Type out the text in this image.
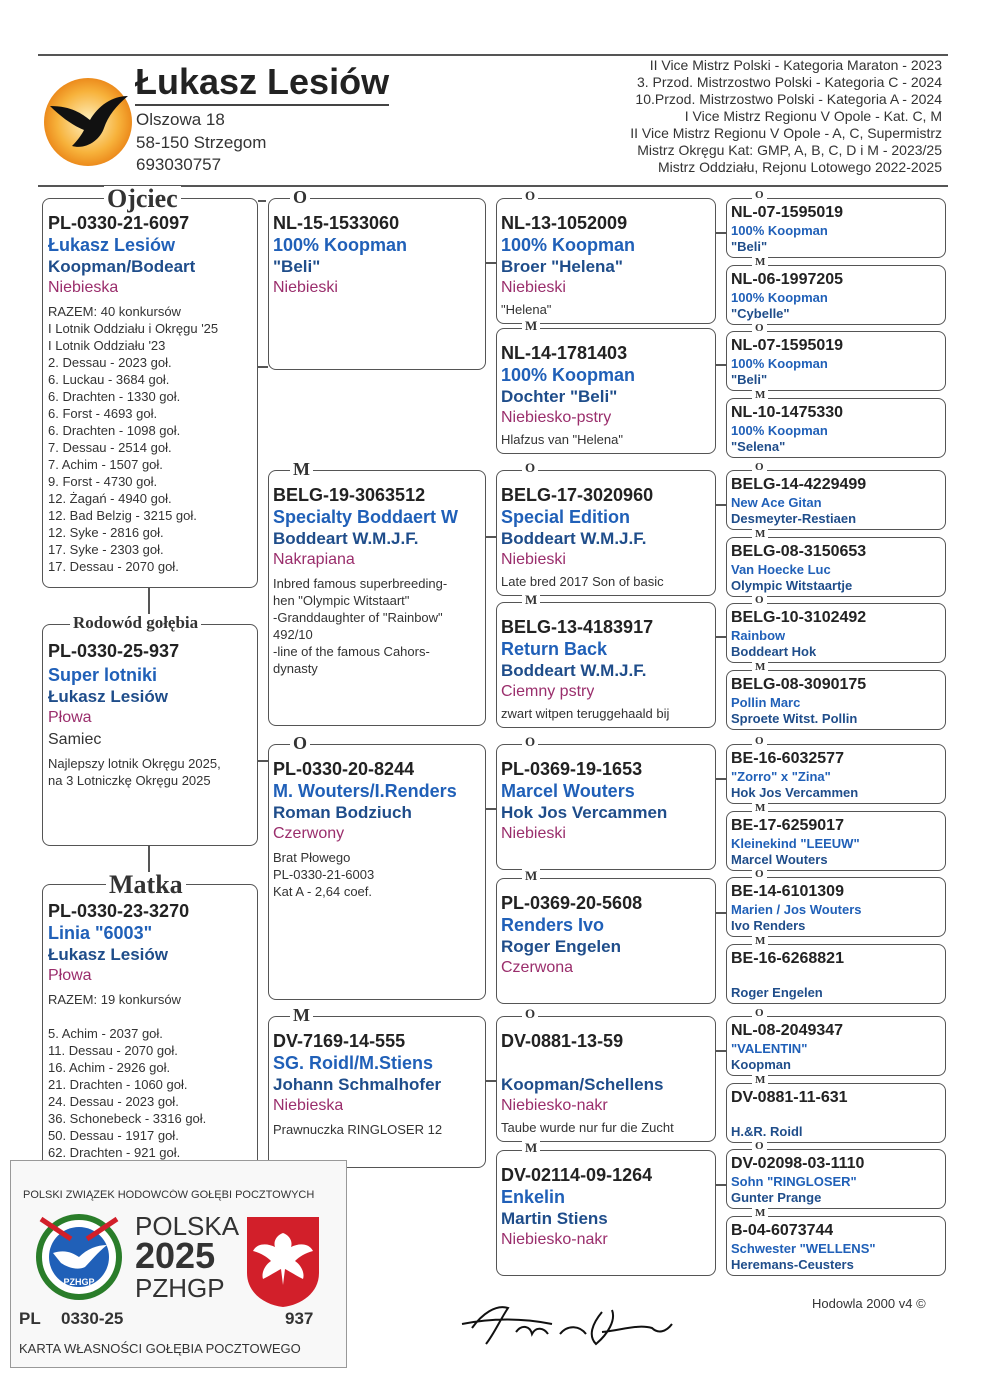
Łukasz Lesiów
Olszowa 18
58-150 Strzegom
693030757
II Vice Mistrz Polski - Kategoria Maraton - 2023
3. Przod. Mistrzostwo Polski - Kategoria C - 2024
10.Przod. Mistrzostwo Polski - Kategoria A - 2024
I Vice Mistrz Regionu V Opole - Kat. C, M
II Vice Mistrz Regionu V Opole - A, C, Supermistrz
Mistrz Okręgu Kat: GMP, A, B, C, D i M - 2023/25
Mistrz Oddziału, Rejonu Lotowego 2022-2025
PL-0330-21-6097
Łukasz Lesiów
Koopman/Bodeart
Niebieska
RAZEM: 40 konkursów
I Lotnik Oddziału i Okręgu '25
I Lotnik Oddziału '23
2. Dessau - 2023 goł.
6. Luckau - 3684 goł.
6. Drachten - 1330 goł.
6. Forst - 4693 goł.
6. Drachten - 1098 goł.
7. Dessau - 2514 goł.
7. Achim - 1507 goł.
9. Forst - 4730 goł.
12. Żagań - 4940 goł.
12. Bad Belzig - 3215 goł.
12. Syke - 2816 goł.
17. Syke - 2303 goł.
17. Dessau - 2070 goł.
Ojciec
PL-0330-25-937
Super lotniki
Łukasz Lesiów
Płowa
Samiec
Najlepszy lotnik Okręgu 2025,
na 3 Lotniczkę Okręgu 2025
Rodowód gołębia
PL-0330-23-3270
Linia "6003"
Łukasz Lesiów
Płowa
RAZEM: 19 konkursów
5. Achim - 2037 goł.
11. Dessau - 2070 goł.
16. Achim - 2926 goł.
21. Drachten - 1060 goł.
24. Dessau - 2023 goł.
36. Schonebeck - 3316 goł.
50. Dessau - 1917 goł.
62. Drachten - 921 goł.
Matka
NL-15-1533060
100% Koopman
"Beli"
Niebieski
O
BELG-19-3063512
Specialty Boddaert W
Boddeart W.M.J.F.
Nakrapiana
Inbred famous superbreeding-
hen "Olympic Witstaart"
-Granddaughter of "Rainbow"
492/10
-line of the famous Cahors-
dynasty
M
PL-0330-20-8244
M. Wouters/I.Renders
Roman Bodziuch
Czerwony
Brat Płowego
PL-0330-21-6003
Kat A - 2,64 coef.
O
DV-7169-14-555
SG. Roidl/M.Stiens
Johann Schmalhofer
Niebieska
Prawnuczka RINGLOSER 12
M
NL-13-1052009
100% Koopman
Broer "Helena"
Niebieski
"Helena"
O
NL-14-1781403
100% Koopman
Dochter "Beli"
Niebiesko-pstry
Hlafzus van "Helena"
M
BELG-17-3020960
Special Edition
Boddeart W.M.J.F.
Niebieski
Late bred 2017 Son of basic
O
BELG-13-4183917
Return Back
Boddeart W.M.J.F.
Ciemny pstry
zwart witpen teruggehaald bij
M
PL-0369-19-1653
Marcel Wouters
Hok Jos Vercammen
Niebieski
O
PL-0369-20-5608
Renders Ivo
Roger Engelen
Czerwona
M
DV-0881-13-59
Koopman/Schellens
Niebiesko-nakr
Taube wurde nur fur die Zucht
O
DV-02114-09-1264
Enkelin
Martin Stiens
Niebiesko-nakr
M
NL-07-1595019
100% Koopman
"Beli"
O
NL-06-1997205
100% Koopman
"Cybelle"
M
NL-07-1595019
100% Koopman
"Beli"
O
NL-10-1475330
100% Koopman
"Selena"
M
BELG-14-4229499
New Ace Gitan
Desmeyter-Restiaen
O
BELG-08-3150653
Van Hoecke Luc
Olympic Witstaartje
M
BELG-10-3102492
Rainbow
Boddeart Hok
O
BELG-08-3090175
Pollin Marc
Sproete Witst. Pollin
M
BE-16-6032577
"Zorro" x "Zina"
Hok Jos Vercammen
O
BE-17-6259017
Kleinekind "LEEUW"
Marcel Wouters
M
BE-14-6101309
Marien / Jos Wouters
Ivo Renders
O
BE-16-6268821
Roger Engelen
M
NL-08-2049347
"VALENTIN"
Koopman
O
DV-0881-11-631
H.&R. Roidl
M
DV-02098-03-1110
Sohn "RINGLOSER"
Gunter Prange
O
B-04-6073744
Schwester "WELLENS"
Heremans-Ceusters
M
POLSKI ZWIĄZEK HODOWCÓW GOŁĘBI POCZTOWYCH
PZHGP
POLSKA
2025
PZHGP
PL 0330-25	937
KARTA WŁASNOŚCI GOŁĘBIA POCZTOWEGO
Hodowla 2000 v4 ©
